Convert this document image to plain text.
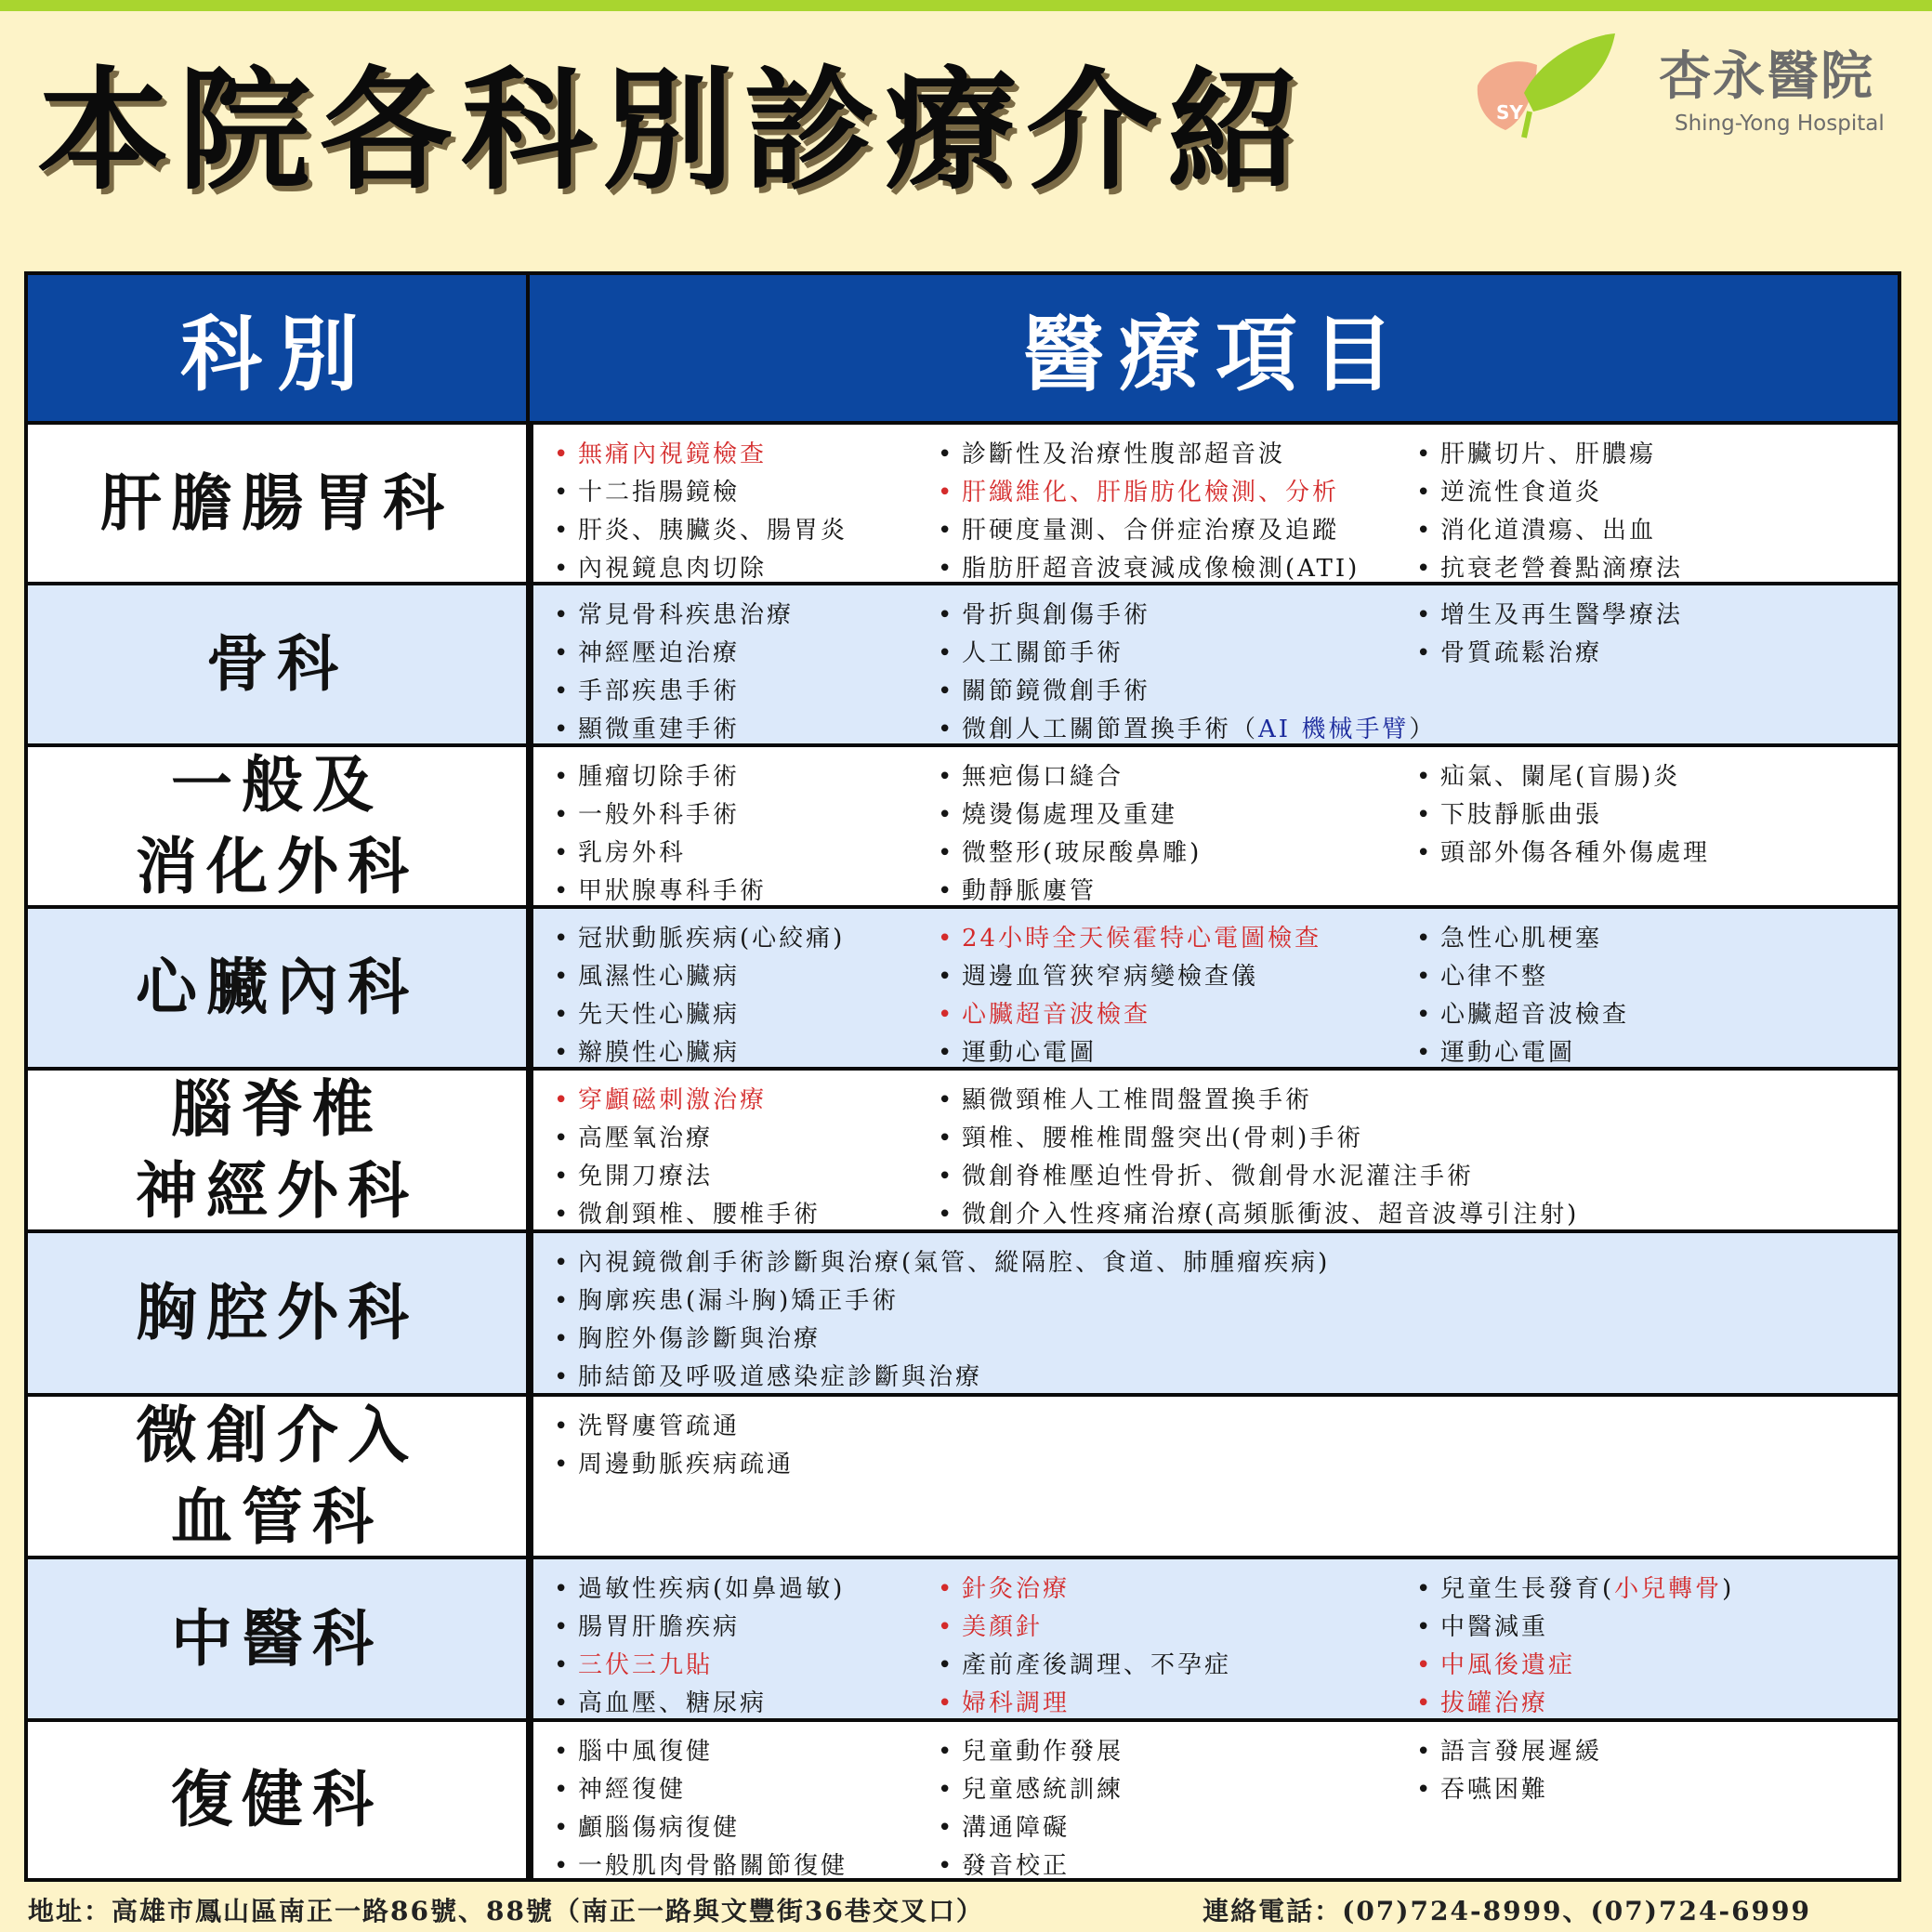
本院各科別診療介紹	SY
杏永醫院
Shing-Yong Hospital
科別	醫療項目
肝膽腸胃科
• 無痛內視鏡檢查
• 十二指腸鏡檢
• 肝炎、胰臟炎、腸胃炎
• 內視鏡息肉切除
• 診斷性及治療性腹部超音波
• 肝纖維化、肝脂肪化檢測、分析
• 肝硬度量測、合併症治療及追蹤
• 脂肪肝超音波衰減成像檢測(ATI)
• 肝臟切片、肝膿瘍
• 逆流性食道炎
• 消化道潰瘍、出血
• 抗衰老營養點滴療法
骨科
• 常見骨科疾患治療
• 神經壓迫治療
• 手部疾患手術
• 顯微重建手術
• 骨折與創傷手術
• 人工關節手術
• 關節鏡微創手術
• 微創人工關節置換手術（AI 機械手臂）
• 增生及再生醫學療法
• 骨質疏鬆治療
一般及
消化外科
• 腫瘤切除手術
• 一般外科手術
• 乳房外科
• 甲狀腺專科手術
• 無疤傷口縫合
• 燒燙傷處理及重建
• 微整形(玻尿酸鼻雕)
• 動靜脈廔管
• 疝氣、闌尾(盲腸)炎
• 下肢靜脈曲張
• 頭部外傷各種外傷處理
心臟內科
• 冠狀動脈疾病(心絞痛)
• 風濕性心臟病
• 先天性心臟病
• 辮膜性心臟病
• 24小時全天候霍特心電圖檢查
• 週邊血管狹窄病變檢查儀
• 心臟超音波檢查
• 運動心電圖
• 急性心肌梗塞
• 心律不整
• 心臟超音波檢查
• 運動心電圖
腦脊椎
神經外科
• 穿顱磁刺激治療
• 高壓氧治療
• 免開刀療法
• 微創頸椎、腰椎手術
• 顯微頸椎人工椎間盤置換手術
• 頸椎、腰椎椎間盤突出(骨刺)手術
• 微創脊椎壓迫性骨折、微創骨水泥灌注手術
• 微創介入性疼痛治療(高頻脈衝波、超音波導引注射)
胸腔外科
• 內視鏡微創手術診斷與治療(氣管、縱隔腔、食道、肺腫瘤疾病)
• 胸廓疾患(漏斗胸)矯正手術
• 胸腔外傷診斷與治療
• 肺結節及呼吸道感染症診斷與治療
微創介入
血管科
• 洗腎廔管疏通
• 周邊動脈疾病疏通
中醫科
• 過敏性疾病(如鼻過敏)
• 腸胃肝膽疾病
• 三伏三九貼
• 高血壓、糖尿病
• 針灸治療
• 美顏針
• 產前產後調理、不孕症
• 婦科調理
• 兒童生長發育(小兒轉骨)
• 中醫減重
• 中風後遺症
• 拔罐治療
復健科
• 腦中風復健
• 神經復健
• 顱腦傷病復健
• 一般肌肉骨骼關節復健
• 兒童動作發展
• 兒童感統訓練
• 溝通障礙
• 發音校正
• 語言發展遲緩
• 吞嚥困難
地址：高雄市鳳山區南正一路86號、88號（南正一路與文豐街36巷交叉口）	連絡電話：(07)724-8999、(07)724-6999
